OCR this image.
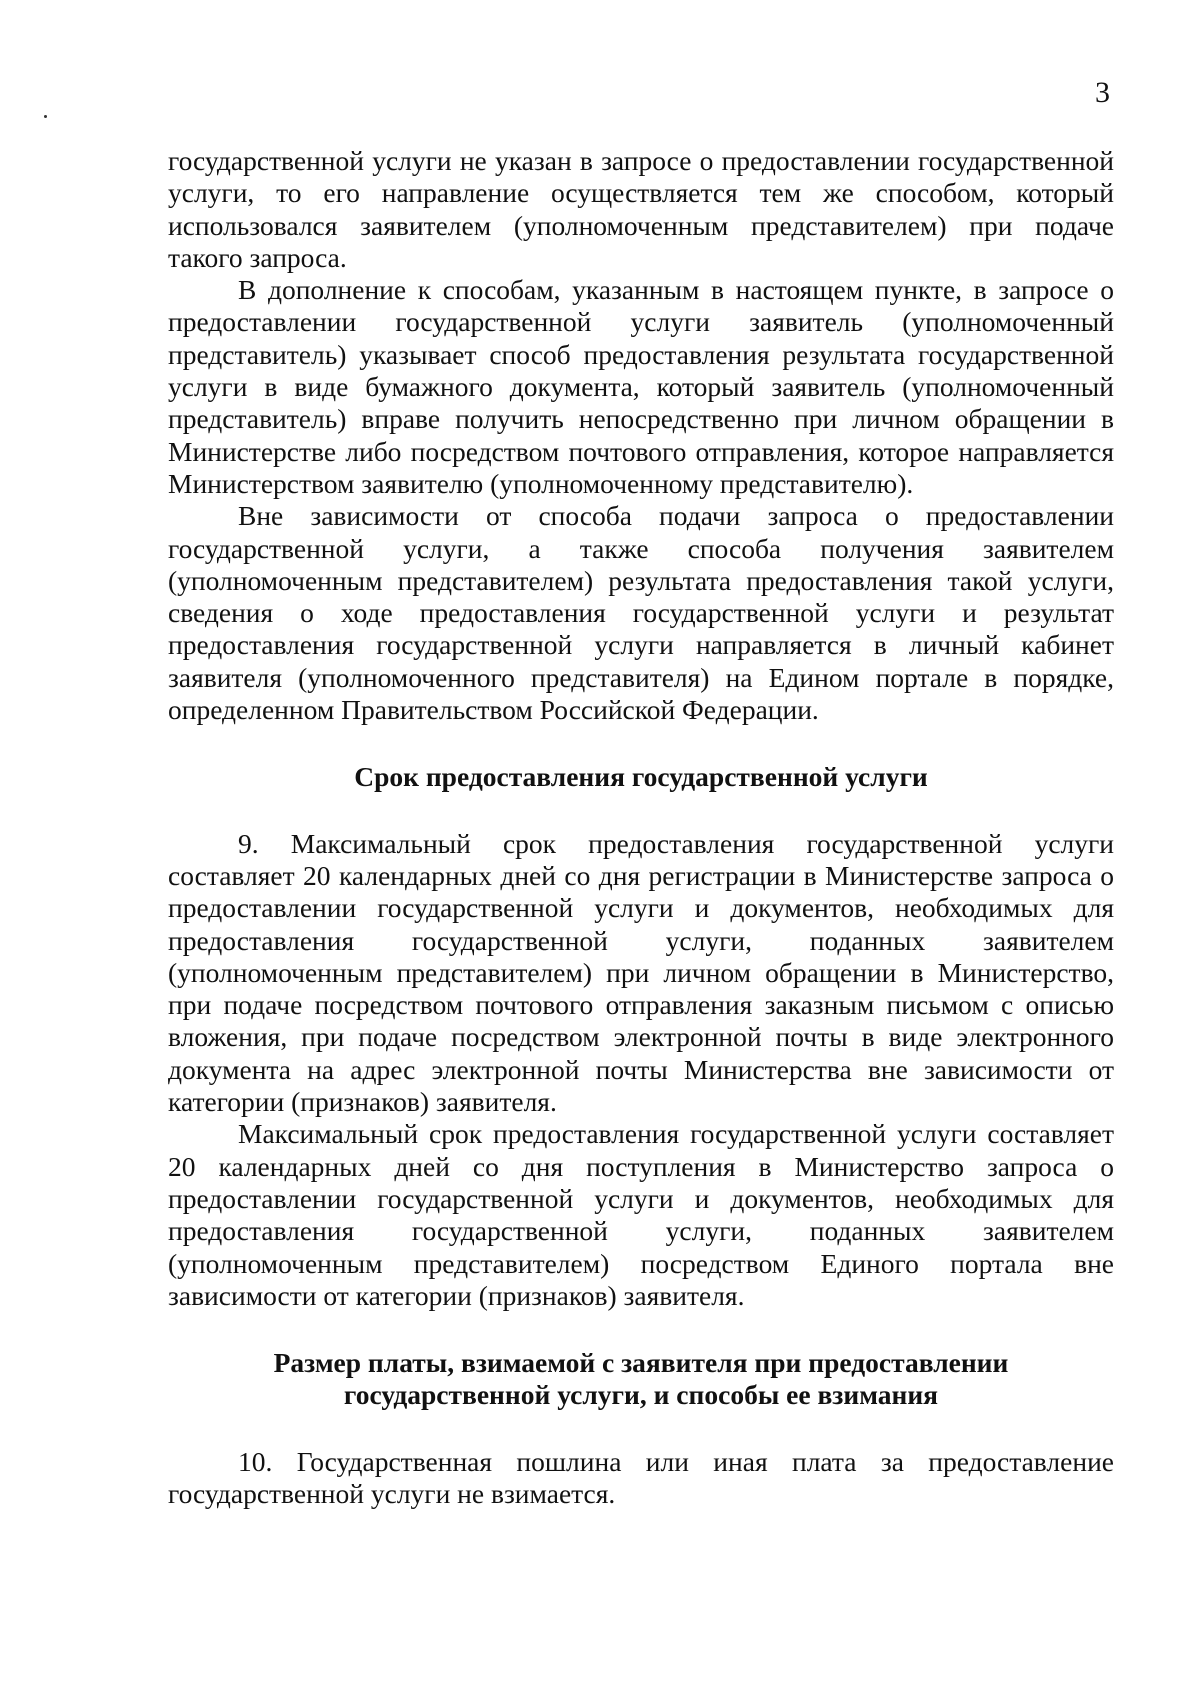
3

государственной услуги не указан в запросе о предоставлении государственной услуги, то его направление осуществляется тем же способом, который использовался заявителем (уполномоченным представителем) при подаче такого запроса.

В дополнение к способам, указанным в настоящем пункте, в запросе о предоставлении государственной услуги заявитель (уполномоченный представитель) указывает способ предоставления результата государственной услуги в виде бумажного документа, который заявитель (уполномоченный представитель) вправе получить непосредственно при личном обращении в Министерстве либо посредством почтового отправления, которое направляется Министерством заявителю (уполномоченному представителю).

Вне зависимости от способа подачи запроса о предоставлении государственной услуги, а также способа получения заявителем (уполномоченным представителем) результата предоставления такой услуги, сведения о ходе предоставления государственной услуги и результат предоставления государственной услуги направляется в личный кабинет заявителя (уполномоченного представителя) на Едином портале в порядке, определенном Правительством Российской Федерации.

Срок предоставления государственной услуги

9. Максимальный срок предоставления государственной услуги составляет 20 календарных дней со дня регистрации в Министерстве запроса о предоставлении государственной услуги и документов, необходимых для предоставления государственной услуги, поданных заявителем (уполномоченным представителем) при личном обращении в Министерство, при подаче посредством почтового отправления заказным письмом с описью вложения, при подаче посредством электронной почты в виде электронного документа на адрес электронной почты Министерства вне зависимости от категории (признаков) заявителя.

Максимальный срок предоставления государственной услуги составляет 20 календарных дней со дня поступления в Министерство запроса о предоставлении государственной услуги и документов, необходимых для предоставления государственной услуги, поданных заявителем (уполномоченным представителем) посредством Единого портала вне зависимости от категории (признаков) заявителя.

Размер платы, взимаемой с заявителя при предоставлении
государственной услуги, и способы ее взимания

10. Государственная пошлина или иная плата за предоставление государственной услуги не взимается.
